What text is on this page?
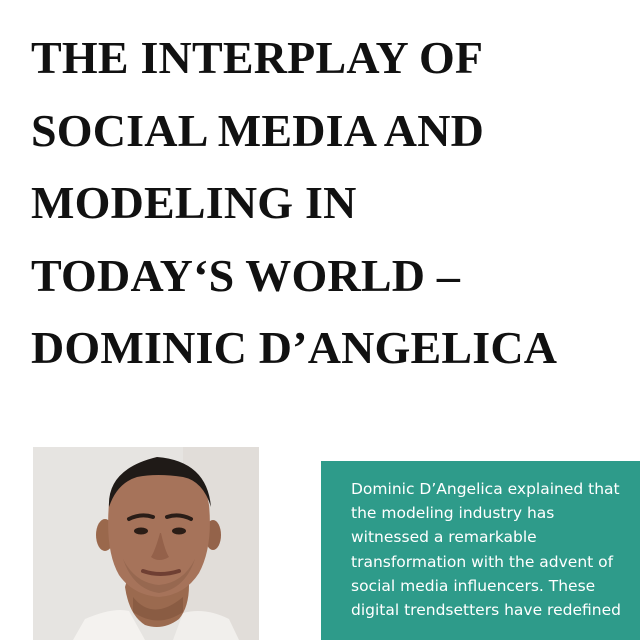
THE INTERPLAY OF
SOCIAL MEDIA AND
MODELING IN
TODAY‘S WORLD –
DOMINIC D’ANGELICA

Dominic D’Angelica explained that the modeling industry has witnessed a remarkable transformation with the advent of social media influencers. These digital trendsetters have redefined
